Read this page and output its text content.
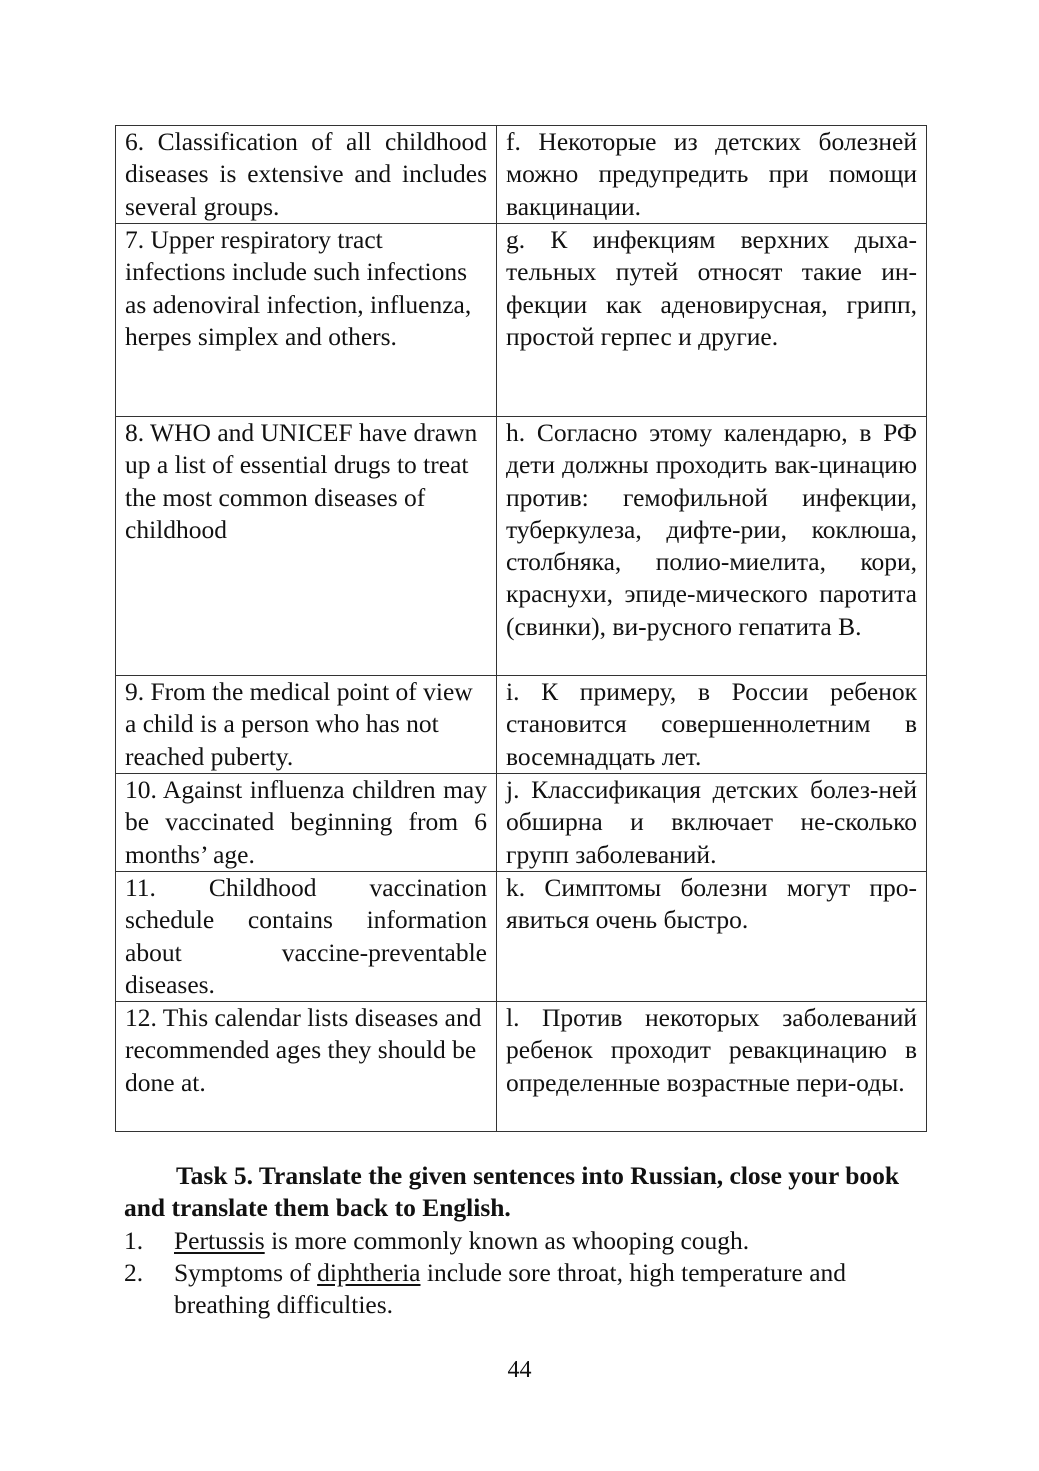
6. Classification of all childhood diseases is extensive and includes several groups.	f. Некоторые из детских болезней можно предупредить при помощи вакцинации.

7. Upper respiratory tract infections include such infections as adenoviral infection, influenza, herpes simplex and others.	g. К инфекциям верхних дыха-тельных путей относят такие ин-фекции как аденовирусная, грипп, простой герпес и другие.

8. WHO and UNICEF have drawn up a list of essential drugs to treat the most common diseases of childhood	h. Согласно этому календарю, в РФ дети должны проходить вак-цинацию против: гемофильной инфекции, туберкулеза, дифте-рии, коклюша, столбняка, полио-миелита, кори, краснухи, эпиде-мического паротита (свинки), ви-русного гепатита В.

9. From the medical point of view a child is a person who has not reached puberty.	i. К примеру, в России ребенок становится совершеннолетним в восемнадцать лет.

10. Against influenza children may be vaccinated beginning from 6 months’ age.	j. Классификация детских болез-ней обширна и включает не-сколько групп заболеваний.

11. Childhood vaccination schedule contains information about vaccine-preventable diseases.	k. Симптомы болезни могут про-явиться очень быстро.

12. This calendar lists diseases and recommended ages they should be done at.	l. Против некоторых заболеваний ребенок проходит ревакцинацию в определенные возрастные пери-оды.

Task 5. Translate the given sentences into Russian, close your book and translate them back to English.

1. Pertussis is more commonly known as whooping cough.
2. Symptoms of diphtheria include sore throat, high temperature and breathing difficulties.
44
